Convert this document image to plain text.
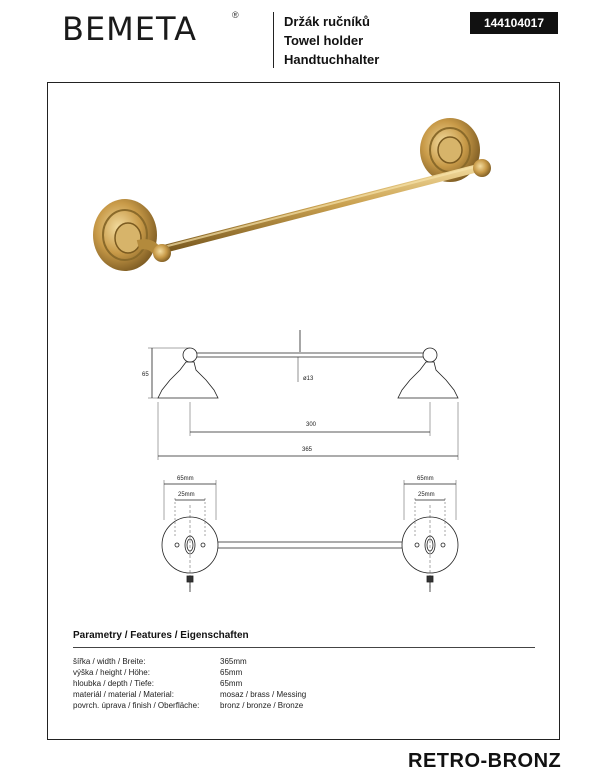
BEMETA	®	Držák ručníků
Towel holder
Handtuchhalter
144104017
65
ø13
300
365
65mm
25mm
65mm
25mm
Parametry / Features / Eigenschaften
šířka / width / Breite:	365mm
výška / height / Höhe:	65mm
hloubka / depth / Tiefe:	65mm
materiál / material / Material:	mosaz / brass / Messing
povrch. úprava / finish / Oberfläche:	bronz / bronze / Bronze
RETRO-BRONZ
